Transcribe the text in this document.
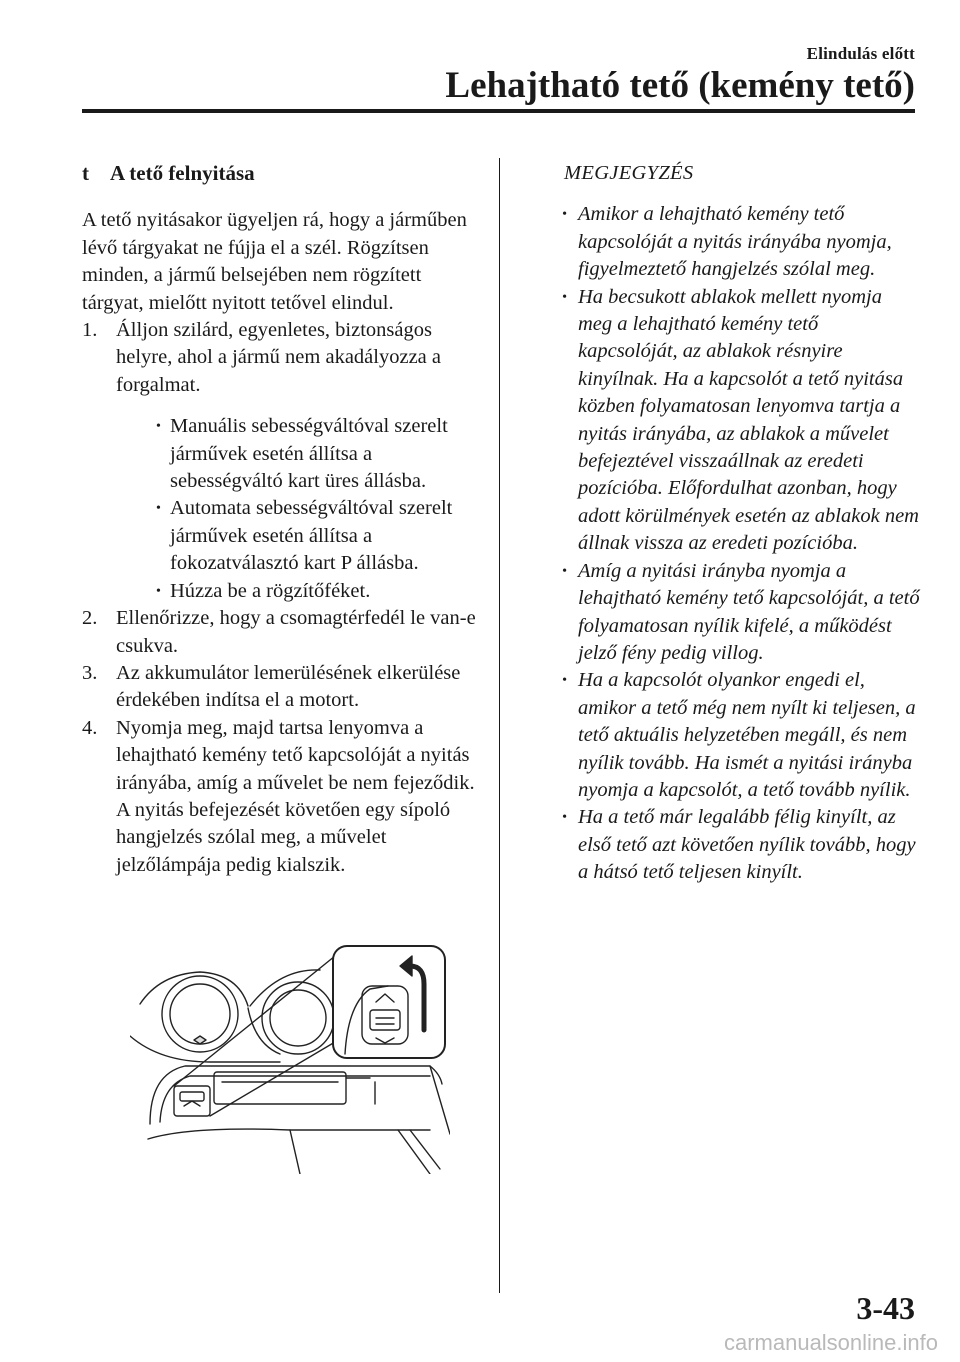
Elindulás előtt
Lehajtható tető (kemény tető)
t	A tető felnyitása

A tető nyitásakor ügyeljen rá, hogy a járműben lévő tárgyakat ne fújja el a szél. Rögzítsen minden, a jármű belsejében nem rögzített tárgyat, mielőtt nyitott tetővel elindul.

1. Álljon szilárd, egyenletes, biztonságos helyre, ahol a jármű nem akadályozza a forgalmat.
• Manuális sebességváltóval szerelt járművek esetén állítsa a sebességváltó kart üres állásba.
• Automata sebességváltóval szerelt járművek esetén állítsa a fokozatválasztó kart P állásba.
• Húzza be a rögzítőféket.
2. Ellenőrizze, hogy a csomagtérfedél le van-e csukva.
3. Az akkumulátor lemerülésének elkerülése érdekében indítsa el a motort.
4. Nyomja meg, majd tartsa lenyomva a lehajtható kemény tető kapcsolóját a nyitás irányába, amíg a művelet be nem fejeződik. A nyitás befejezését követően egy sípoló hangjelzés szólal meg, a művelet jelzőlámpája pedig kialszik.
MEGJEGYZÉS
• Amikor a lehajtható kemény tető kapcsolóját a nyitás irányába nyomja, figyelmeztető hangjelzés szólal meg.
• Ha becsukott ablakok mellett nyomja meg a lehajtható kemény tető kapcsolóját, az ablakok résnyire kinyílnak. Ha a kapcsolót a tető nyitása közben folyamatosan lenyomva tartja a nyitás irányába, az ablakok a művelet befejeztével visszaállnak az eredeti pozícióba. Előfordulhat azonban, hogy adott körülmények esetén az ablakok nem állnak vissza az eredeti pozícióba.
• Amíg a nyitási irányba nyomja a lehajtható kemény tető kapcsolóját, a tető folyamatosan nyílik kifelé, a működést jelző fény pedig villog.
• Ha a kapcsolót olyankor engedi el, amikor a tető még nem nyílt ki teljesen, a tető aktuális helyzetében megáll, és nem nyílik tovább. Ha ismét a nyitási irányba nyomja a kapcsolót, a tető tovább nyílik.
• Ha a tető már legalább félig kinyílt, az első tető azt követően nyílik tovább, hogy a hátsó tető teljesen kinyílt.
3-43
carmanualsonline.info
